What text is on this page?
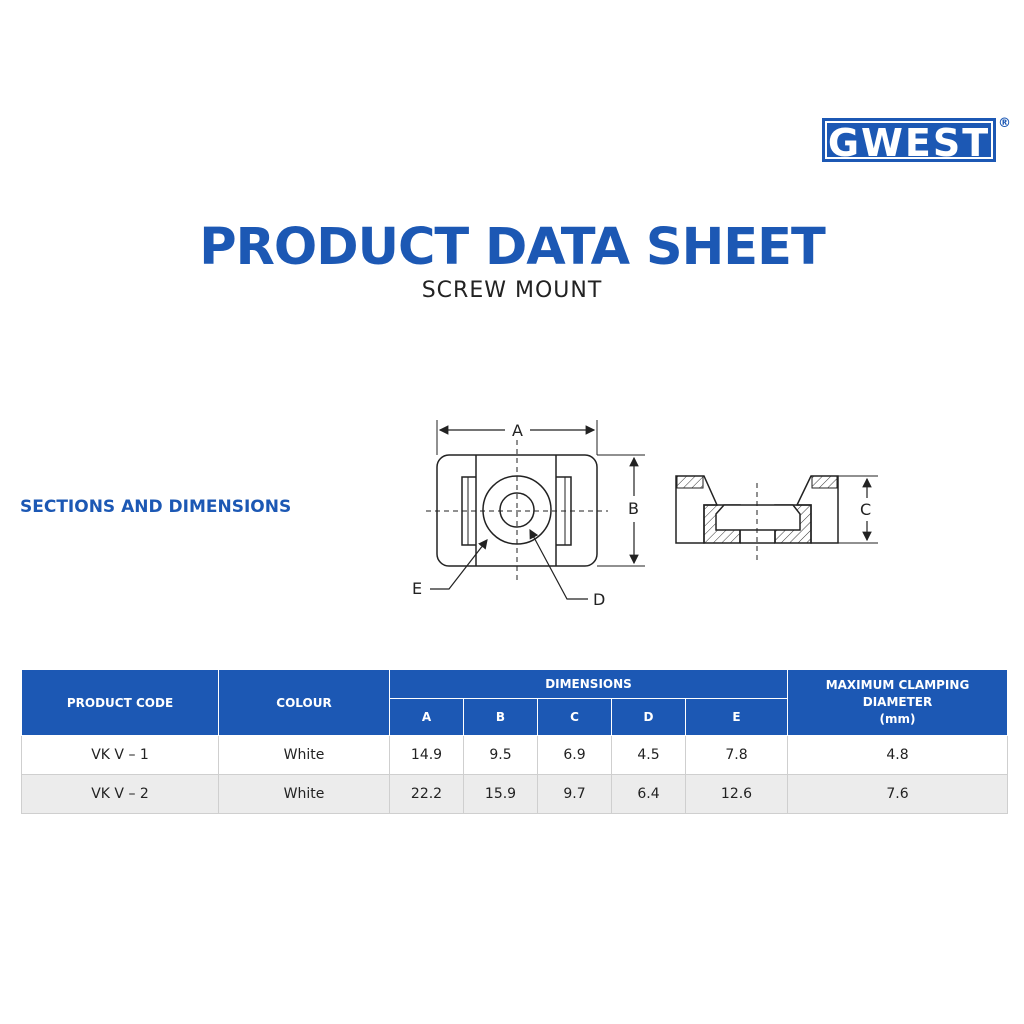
GWEST ®
PRODUCT DATA SHEET
SCREW MOUNT
SECTIONS AND DIMENSIONS
A
B
E
D
C
PRODUCT CODE	COLOUR	DIMENSIONS					MAXIMUM CLAMPING
DIAMETER
(mm)

		A	B	C	D	E	
VK V – 1	White	14.9	9.5	6.9	4.5	7.8	4.8
VK V – 2	White	22.2	15.9	9.7	6.4	12.6	7.6
